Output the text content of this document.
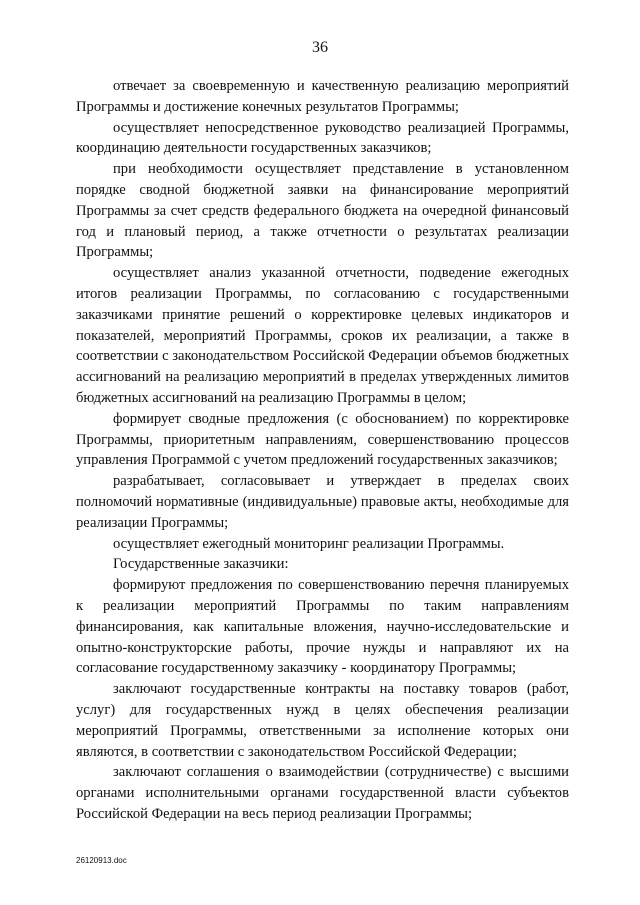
36

отвечает за своевременную и качественную реализацию мероприятий Программы и достижение конечных результатов Программы;

осуществляет непосредственное руководство реализацией Программы, координацию деятельности государственных заказчиков;

при необходимости осуществляет представление в установленном порядке сводной бюджетной заявки на финансирование мероприятий Программы за счет средств федерального бюджета на очередной финансовый год и плановый период, а также отчетности о результатах реализации Программы;

осуществляет анализ указанной отчетности, подведение ежегодных итогов реализации Программы, по согласованию с государственными заказчиками принятие решений о корректировке целевых индикаторов и показателей, мероприятий Программы, сроков их реализации, а также в соответствии с законодательством Российской Федерации объемов бюджетных ассигнований на реализацию мероприятий в пределах утвержденных лимитов бюджетных ассигнований на реализацию Программы в целом;

формирует сводные предложения (с обоснованием) по корректировке Программы, приоритетным направлениям, совершенствованию процессов управления Программой с учетом предложений государственных заказчиков;

разрабатывает, согласовывает и утверждает в пределах своих полномочий нормативные (индивидуальные) правовые акты, необходимые для реализации Программы;

осуществляет ежегодный мониторинг реализации Программы.

Государственные заказчики:

формируют предложения по совершенствованию перечня планируемых к реализации мероприятий Программы по таким направлениям финансирования, как капитальные вложения, научно-исследовательские и опытно-конструкторские работы, прочие нужды и направляют их на согласование государственному заказчику - координатору Программы;

заключают государственные контракты на поставку товаров (работ, услуг) для государственных нужд в целях обеспечения реализации мероприятий Программы, ответственными за исполнение которых они являются, в соответствии с законодательством Российской Федерации;

заключают соглашения о взаимодействии (сотрудничестве) с высшими органами исполнительными органами государственной власти субъектов Российской Федерации на весь период реализации Программы;

26120913.doc
